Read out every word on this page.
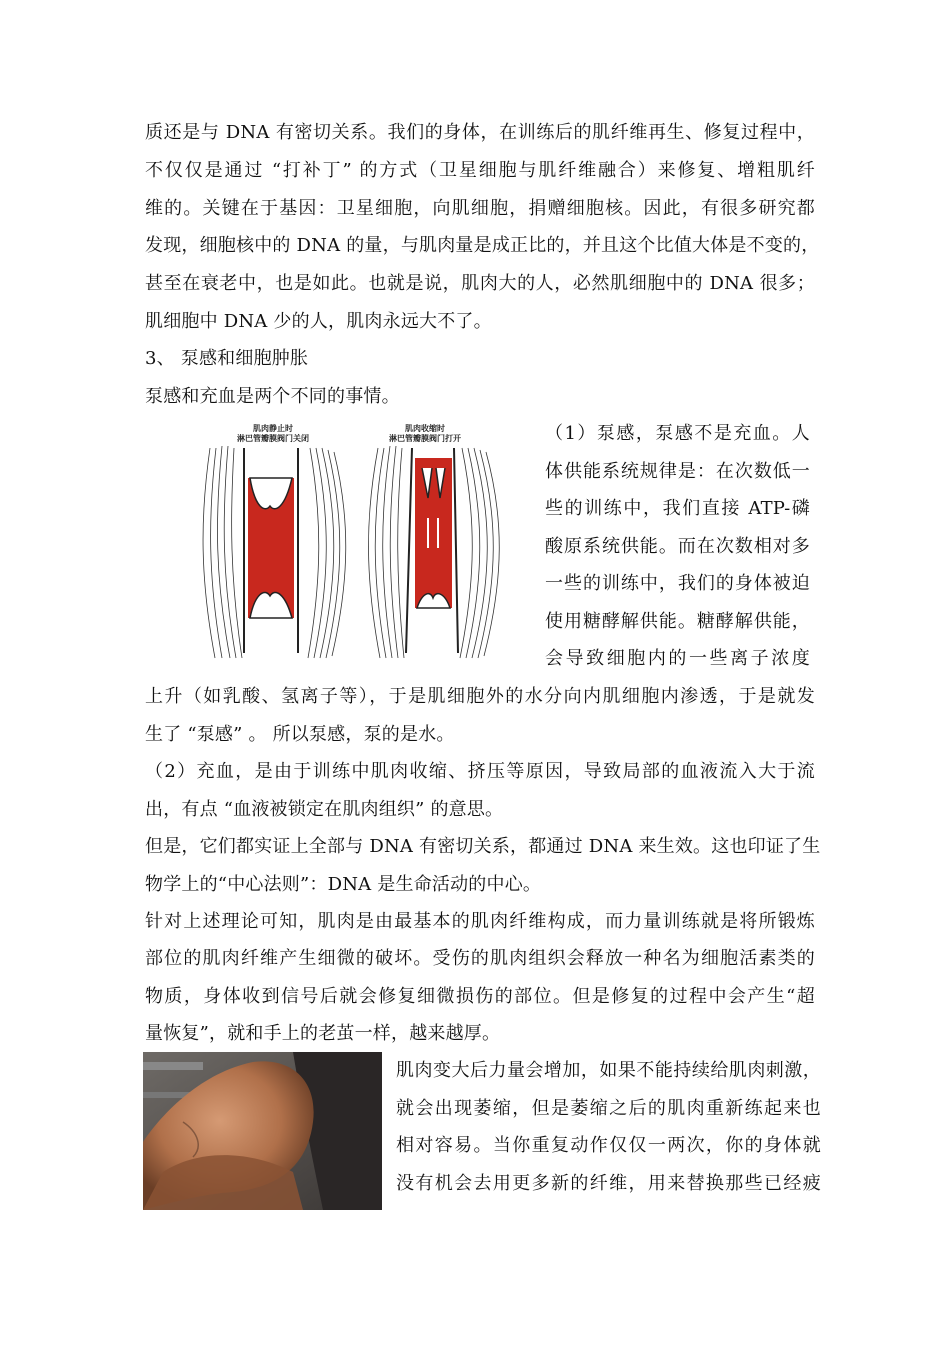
质还是与 DNA 有密切关系。我们的身体，在训练后的肌纤维再生、修复过程中，
不仅仅是通过 “打补丁” 的方式（卫星细胞与肌纤维融合）来修复、增粗肌纤
维的。关键在于基因：卫星细胞，向肌细胞，捐赠细胞核。因此，有很多研究都
发现，细胞核中的 DNA 的量，与肌肉量是成正比的，并且这个比值大体是不变的，
甚至在衰老中，也是如此。也就是说，肌肉大的人，必然肌细胞中的 DNA 很多；
肌细胞中 DNA 少的人，肌肉永远大不了。
3、 泵感和细胞肿胀
泵感和充血是两个不同的事情。
肌肉静止时
淋巴管瓣膜阀门关闭
肌肉收缩时
淋巴管瓣膜阀门打开	（1）泵感，泵感不是充血。人
体供能系统规律是：在次数低一
些的训练中，我们直接 ATP-磷
酸原系统供能。而在次数相对多
一些的训练中，我们的身体被迫
使用糖酵解供能。糖酵解供能，
会导致细胞内的一些离子浓度
上升（如乳酸、氢离子等），于是肌细胞外的水分向内肌细胞内渗透，于是就发
生了 “泵感” 。 所以泵感，泵的是水。
（2）充血，是由于训练中肌肉收缩、挤压等原因，导致局部的血液流入大于流
出，有点 “血液被锁定在肌肉组织” 的意思。
但是，它们都实证上全部与 DNA 有密切关系，都通过 DNA 来生效。这也印证了生
物学上的“中心法则”：DNA 是生命活动的中心。
针对上述理论可知，肌肉是由最基本的肌肉纤维构成，而力量训练就是将所锻炼
部位的肌肉纤维产生细微的破坏。受伤的肌肉组织会释放一种名为细胞活素类的
物质，身体收到信号后就会修复细微损伤的部位。但是修复的过程中会产生“超
量恢复”，就和手上的老茧一样，越来越厚。
肌肉变大后力量会增加，如果不能持续给肌肉刺激，
就会出现萎缩，但是萎缩之后的肌肉重新练起来也
相对容易。当你重复动作仅仅一两次，你的身体就
没有机会去用更多新的纤维，用来替换那些已经疲
